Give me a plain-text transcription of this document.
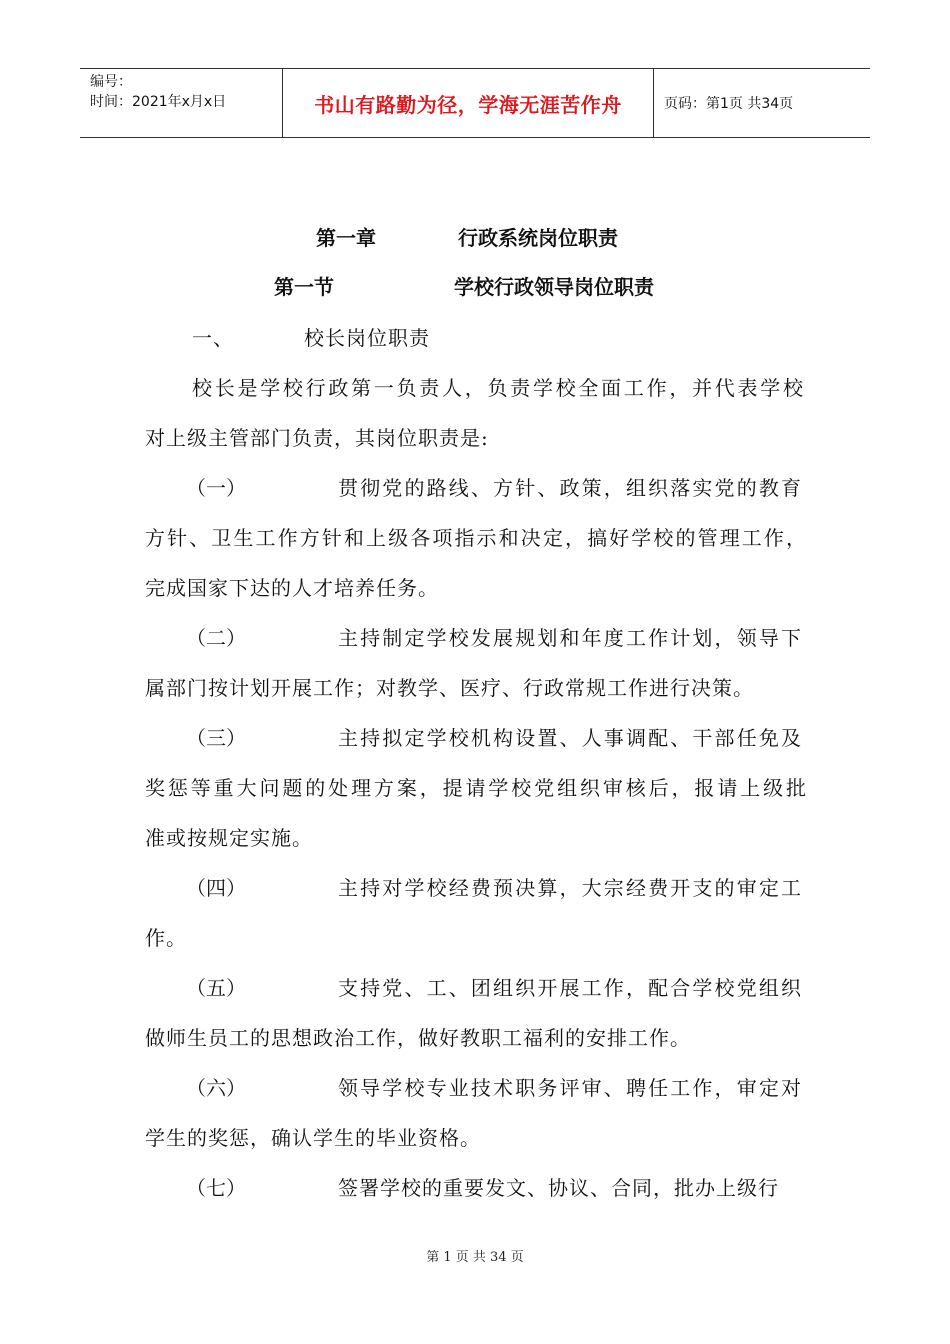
编号：
时间：2021年x月x日	书山有路勤为径，学海无涯苦作舟	页码：第1页 共34页
第一章	行政系统岗位职责
第一节	学校行政领导岗位职责
一、	校长岗位职责
校长是学校行政第一负责人，负责学校全面工作，并代表学校
对上级主管部门负责，其岗位职责是:
（一）	贯彻党的路线、方针、政策，组织落实党的教育
方针、卫生工作方针和上级各项指示和决定，搞好学校的管理工作，
完成国家下达的人才培养任务。
（二）	主持制定学校发展规划和年度工作计划，领导下
属部门按计划开展工作；对教学、医疗、行政常规工作进行决策。
（三）	主持拟定学校机构设置、人事调配、干部任免及
奖惩等重大问题的处理方案，提请学校党组织审核后，报请上级批
准或按规定实施。
（四）	主持对学校经费预决算，大宗经费开支的审定工
作。
（五）	支持党、工、团组织开展工作，配合学校党组织
做师生员工的思想政治工作，做好教职工福利的安排工作。
（六）	领导学校专业技术职务评审、聘任工作，审定对
学生的奖惩，确认学生的毕业资格。
（七）	签署学校的重要发文、协议、合同，批办上级行
第 1 页 共 34 页
